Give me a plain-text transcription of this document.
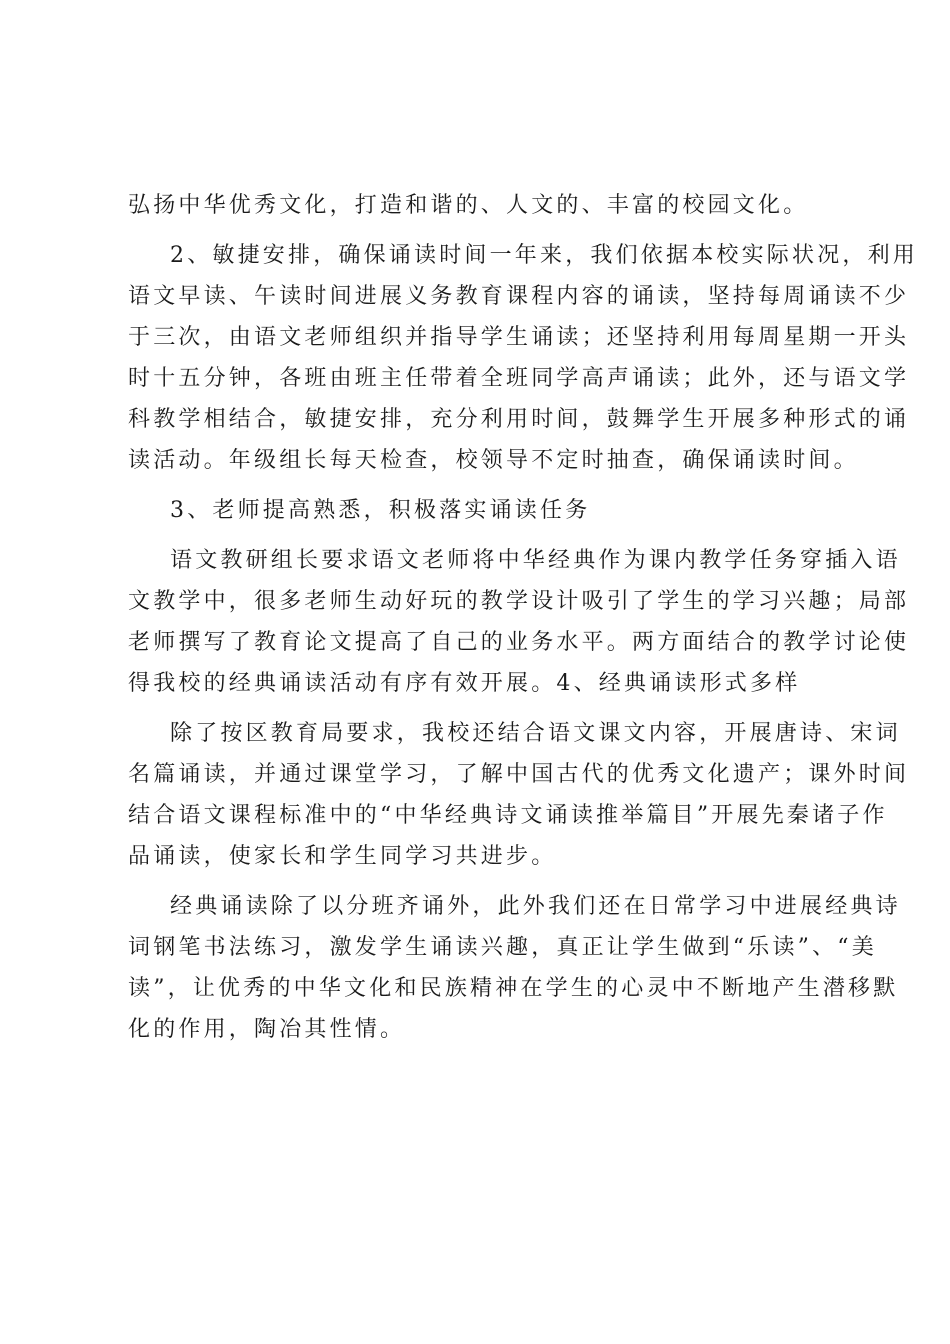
弘扬中华优秀文化，打造和谐的、人文的、丰富的校园文化。
2、敏捷安排，确保诵读时间一年来，我们依据本校实际状况，利用
语文早读、午读时间进展义务教育课程内容的诵读，坚持每周诵读不少
于三次，由语文老师组织并指导学生诵读；还坚持利用每周星期一开头
时十五分钟，各班由班主任带着全班同学高声诵读；此外，还与语文学
科教学相结合，敏捷安排，充分利用时间，鼓舞学生开展多种形式的诵
读活动。年级组长每天检查，校领导不定时抽查，确保诵读时间。
3、老师提高熟悉，积极落实诵读任务
语文教研组长要求语文老师将中华经典作为课内教学任务穿插入语
文教学中，很多老师生动好玩的教学设计吸引了学生的学习兴趣；局部
老师撰写了教育论文提高了自己的业务水平。两方面结合的教学讨论使
得我校的经典诵读活动有序有效开展。4、经典诵读形式多样
除了按区教育局要求，我校还结合语文课文内容，开展唐诗、宋词
名篇诵读，并通过课堂学习，了解中国古代的优秀文化遗产；课外时间
结合语文课程标准中的“中华经典诗文诵读推举篇目”开展先秦诸子作
品诵读，使家长和学生同学习共进步。
经典诵读除了以分班齐诵外，此外我们还在日常学习中进展经典诗
词钢笔书法练习，激发学生诵读兴趣，真正让学生做到“乐读”、“美
读”，让优秀的中华文化和民族精神在学生的心灵中不断地产生潜移默
化的作用，陶冶其性情。
